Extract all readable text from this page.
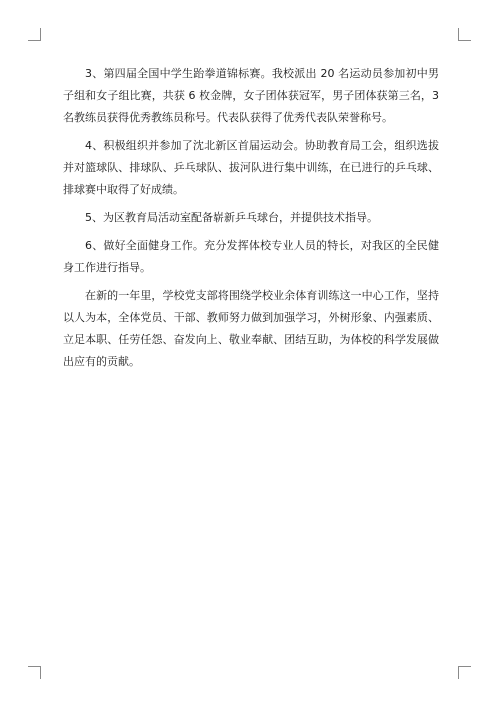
3、第四届全国中学生跆拳道锦标赛。我校派出 20 名运动员参加初中男子组和女子组比赛，共获 6 枚金牌，女子团体获冠军，男子团体获第三名，3 名教练员获得优秀教练员称号。代表队获得了优秀代表队荣誉称号。

4、积极组织并参加了沈北新区首届运动会。协助教育局工会，组织选拔并对篮球队、排球队、乒乓球队、拔河队进行集中训练，在已进行的乒乓球、排球赛中取得了好成绩。

5、为区教育局活动室配备崭新乒乓球台，并提供技术指导。

6、做好全面健身工作。充分发挥体校专业人员的特长，对我区的全民健身工作进行指导。

在新的一年里，学校党支部将围绕学校业余体育训练这一中心工作，坚持以人为本，全体党员、干部、教师努力做到加强学习，外树形象、内强素质、立足本职、任劳任怨、奋发向上、敬业奉献、团结互助，为体校的科学发展做出应有的贡献。
